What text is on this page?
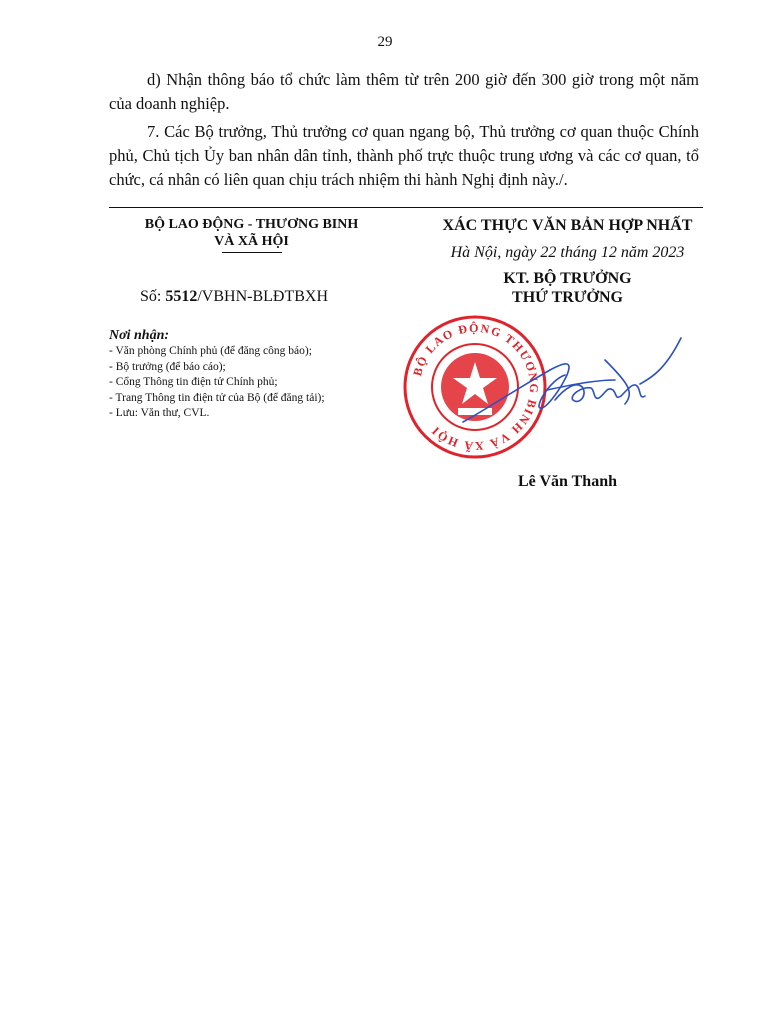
29
d) Nhận thông báo tổ chức làm thêm từ trên 200 giờ đến 300 giờ trong một năm của doanh nghiệp.
7. Các Bộ trưởng, Thủ trưởng cơ quan ngang bộ, Thủ trưởng cơ quan thuộc Chính phủ, Chủ tịch Ủy ban nhân dân tỉnh, thành phố trực thuộc trung ương và các cơ quan, tổ chức, cá nhân có liên quan chịu trách nhiệm thi hành Nghị định này./.
BỘ LAO ĐỘNG - THƯƠNG BINH
VÀ XÃ HỘI
Số: 5512/VBHN-BLĐTBXH
Nơi nhận:
- Văn phòng Chính phủ (để đăng công báo);
- Bộ trưởng (để báo cáo);
- Cổng Thông tin điện tử Chính phủ;
- Trang Thông tin điện tử của Bộ (để đăng tải);
- Lưu: Văn thư, CVL.
XÁC THỰC VĂN BẢN HỢP NHẤT
Hà Nội, ngày 22 tháng 12 năm 2023
KT. BỘ TRƯỞNG
THỨ TRƯỞNG
BỘ LAO ĐỘNG THƯƠNG BINH VÀ XÃ HỘI
Lê Văn Thanh
